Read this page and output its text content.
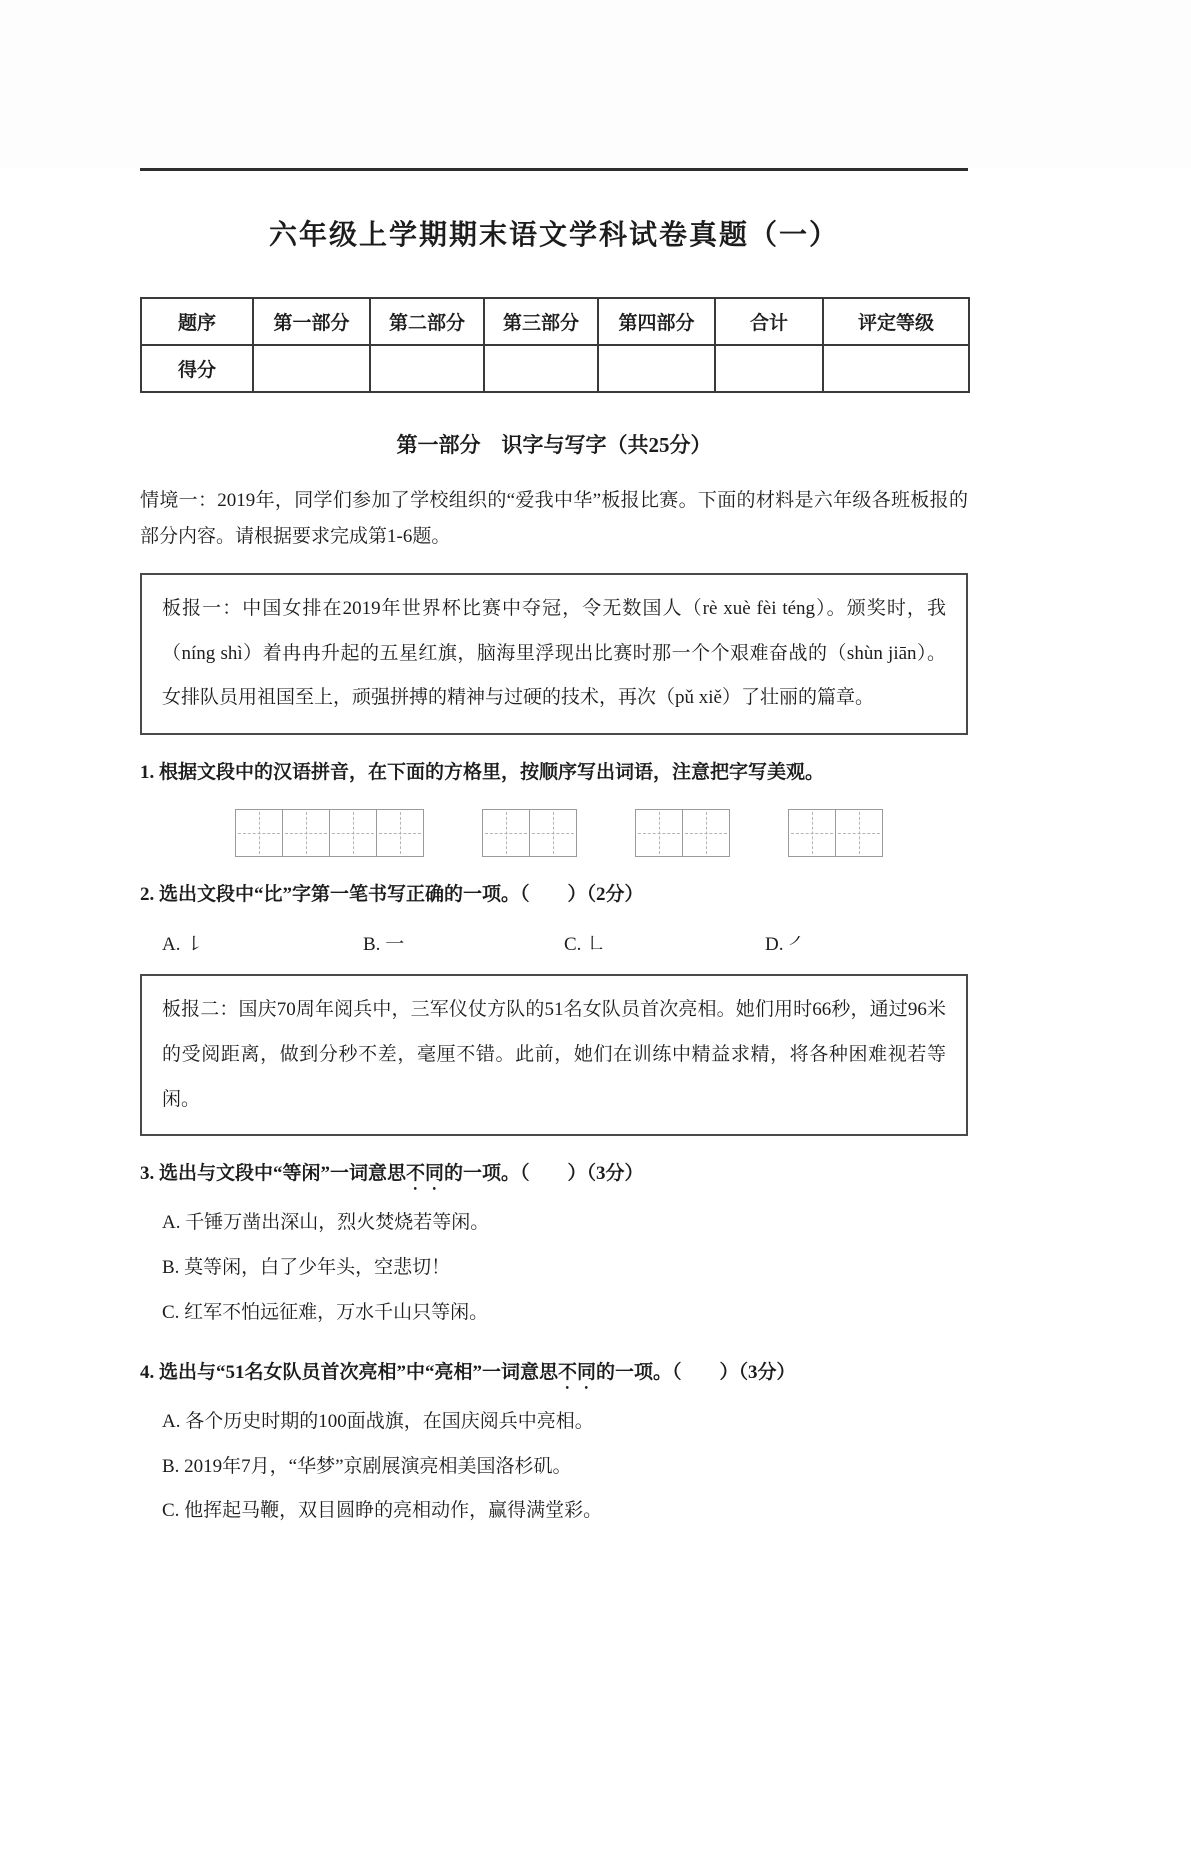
六年级上学期期末语文学科试卷真题（一）
题序	第一部分	第二部分	第三部分	第四部分	合计	评定等级
得分						
第一部分　识字与写字（共25分）

情境一：2019年，同学们参加了学校组织的“爱我中华”板报比赛。下面的材料是六年级各班板报的部分内容。请根据要求完成第1-6题。

板报一：中国女排在2019年世界杯比赛中夺冠，令无数国人（rè xuè fèi téng）。颁奖时，我（níng shì）着冉冉升起的五星红旗，脑海里浮现出比赛时那一个个艰难奋战的（shùn jiān）。女排队员用祖国至上，顽强拼搏的精神与过硬的技术，再次（pǔ xiě）了壮丽的篇章。
1. 根据文段中的汉语拼音，在下面的方格里，按顺序写出词语，注意把字写美观。
2. 选出文段中“比”字第一笔书写正确的一项。（　　）（2分）
A. ㇙	B. 一	C. ㇗	D. ㇒
板报二：国庆70周年阅兵中，三军仪仗方队的51名女队员首次亮相。她们用时66秒，通过96米的受阅距离，做到分秒不差，毫厘不错。此前，她们在训练中精益求精，将各种困难视若等闲。
3. 选出与文段中“等闲”一词意思不同的一项。（　　）（3分）
A. 千锤万凿出深山，烈火焚烧若等闲。
B. 莫等闲，白了少年头，空悲切！
C. 红军不怕远征难，万水千山只等闲。
4. 选出与“51名女队员首次亮相”中“亮相”一词意思不同的一项。（　　）（3分）
A. 各个历史时期的100面战旗，在国庆阅兵中亮相。
B. 2019年7月，“华梦”京剧展演亮相美国洛杉矶。
C. 他挥起马鞭，双目圆睁的亮相动作，赢得满堂彩。
